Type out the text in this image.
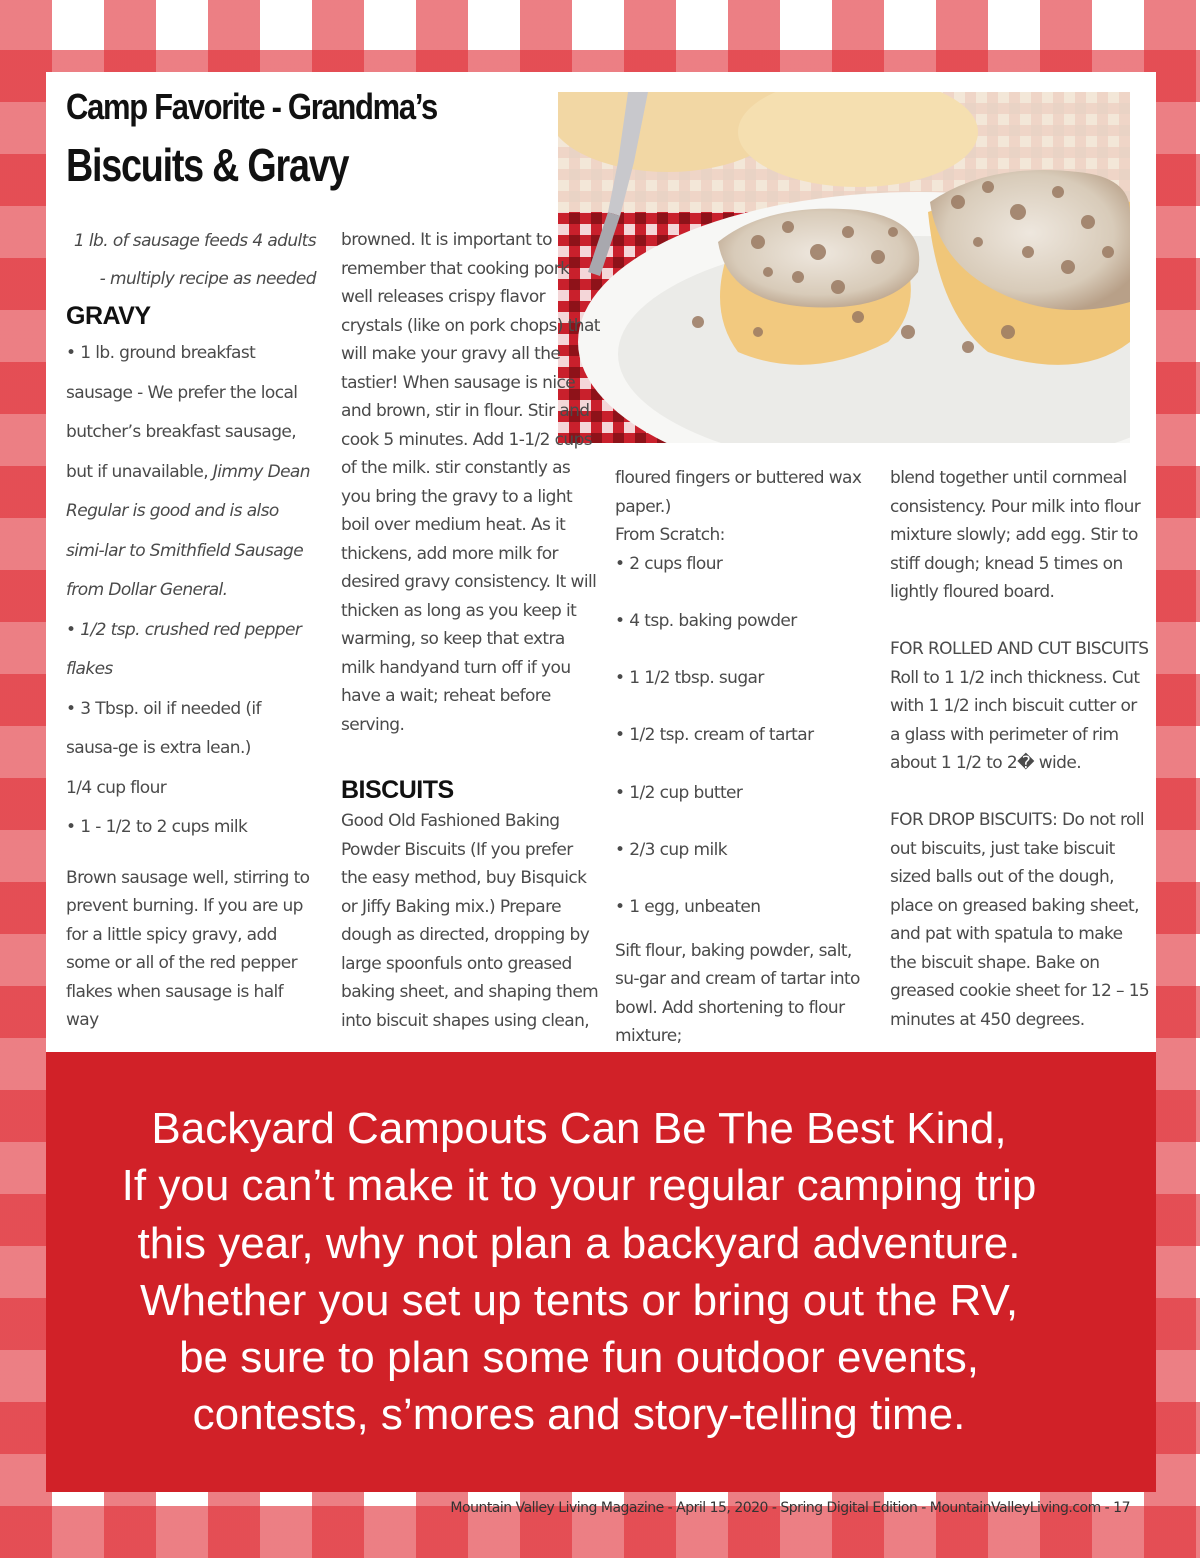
Camp Favorite - Grandma’s
Biscuits & Gravy

1 lb. of sausage feeds 4 adults - multiply recipe as needed

GRAVY

• 1 lb. ground breakfast sausage - We prefer the local butcher’s breakfast sausage, but if unavailable, Jimmy Dean Regular is good and is also simi-lar to Smithfield Sausage from Dollar General.

• 1/2 tsp. crushed red pepper flakes

• 3 Tbsp. oil if needed (if sausa-ge is extra lean.)

1/4 cup flour

• 1 - 1/2 to 2 cups milk

Brown sausage well, stirring to prevent burning. If you are up for a little spicy gravy, add some or all of the red pepper flakes when sausage is half way

browned. It is important to remember that cooking pork well releases crispy flavor crystals (like on pork chops) that will make your gravy all the tastier! When sausage is nice and brown, stir in flour. Stir and cook 5 minutes. Add 1-1/2 cups of the milk. stir constantly as you bring the gravy to a light boil over medium heat. As it thickens, add more milk for desired gravy consistency. It will thicken as long as you keep it warming, so keep that extra milk handyand turn off if you have a wait; reheat before serving.

BISCUITS

Good Old Fashioned Baking Powder Biscuits (If you prefer the easy method, buy Bisquick or Jiffy Baking mix.) Prepare dough as directed, dropping by large spoonfuls onto greased baking sheet, and shaping them into biscuit shapes using clean,

floured fingers or buttered wax paper.)

From Scratch:

• 2 cups flour

• 4 tsp. baking powder

• 1 1/2 tbsp. sugar

• 1/2 tsp. cream of tartar

• 1/2 cup butter

• 2/3 cup milk

• 1 egg, unbeaten

Sift flour, baking powder, salt, su-gar and cream of tartar into bowl. Add shortening to flour mixture;

blend together until cornmeal consistency. Pour milk into flour mixture slowly; add egg. Stir to stiff dough; knead 5 times on lightly floured board.

FOR ROLLED AND CUT BISCUITS Roll to 1 1/2 inch thickness. Cut with 1 1/2 inch biscuit cutter or a glass with perimeter of rim about 1 1/2 to 2� wide.

FOR DROP BISCUITS: Do not roll out biscuits, just take biscuit sized balls out of the dough, place on greased baking sheet, and pat with spatula to make the biscuit shape. Bake on greased cookie sheet for 12 – 15 minutes at 450 degrees.

Backyard Campouts Can Be The Best Kind,
If you can’t make it to your regular camping trip
this year, why not plan a backyard adventure.
Whether you set up tents or bring out the RV,
be sure to plan some fun outdoor events,
contests, s’mores and story-telling time.
Mountain Valley Living Magazine - April 15, 2020 - Spring Digital Edition - MountainValleyLiving.com - 17
